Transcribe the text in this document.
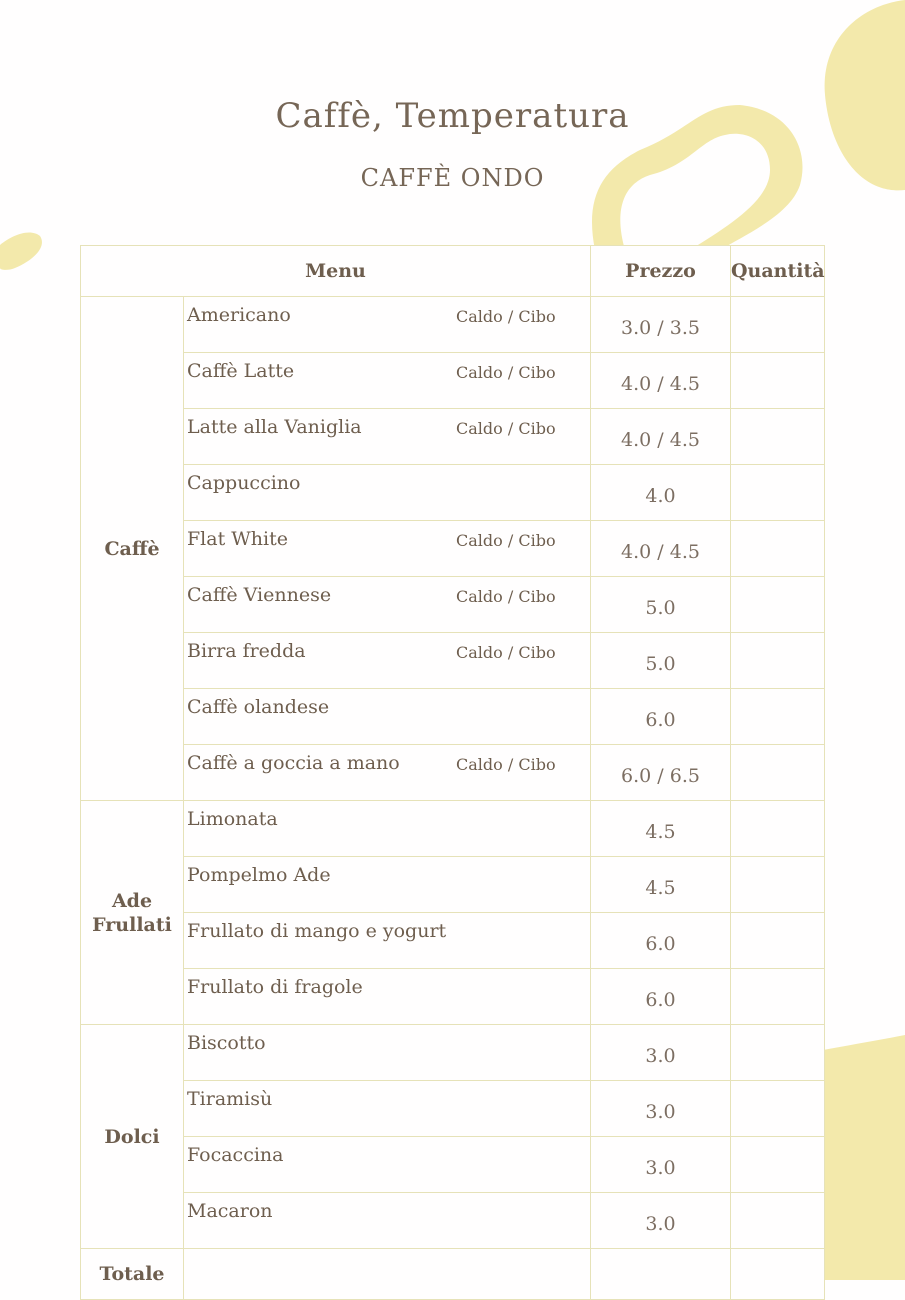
Caffè, Temperatura
CAFFÈ ONDO
Menu		Prezzo	Quantità
Caffè	Americano Caldo / Cibo	3.0 / 3.5	

	Caffè Latte Caldo / Cibo	4.0 / 4.5	

	Latte alla Vaniglia Caldo / Cibo	4.0 / 4.5	

	Cappuccino	4.0	

	Flat White Caldo / Cibo	4.0 / 4.5	

	Caffè Viennese Caldo / Cibo	5.0	

	Birra fredda Caldo / Cibo	5.0	

	Caffè olandese	6.0	

	Caffè a goccia a mano Caldo / Cibo	6.0 / 6.5	
Ade Frullati	Limonata	4.5	

	Pompelmo Ade	4.5	

	Frullato di mango e yogurt	6.0	

	Frullato di fragole	6.0	
Dolci	Biscotto	3.0	

	Tiramisù	3.0	

	Focaccina	3.0	

	Macaron	3.0	
Totale			
